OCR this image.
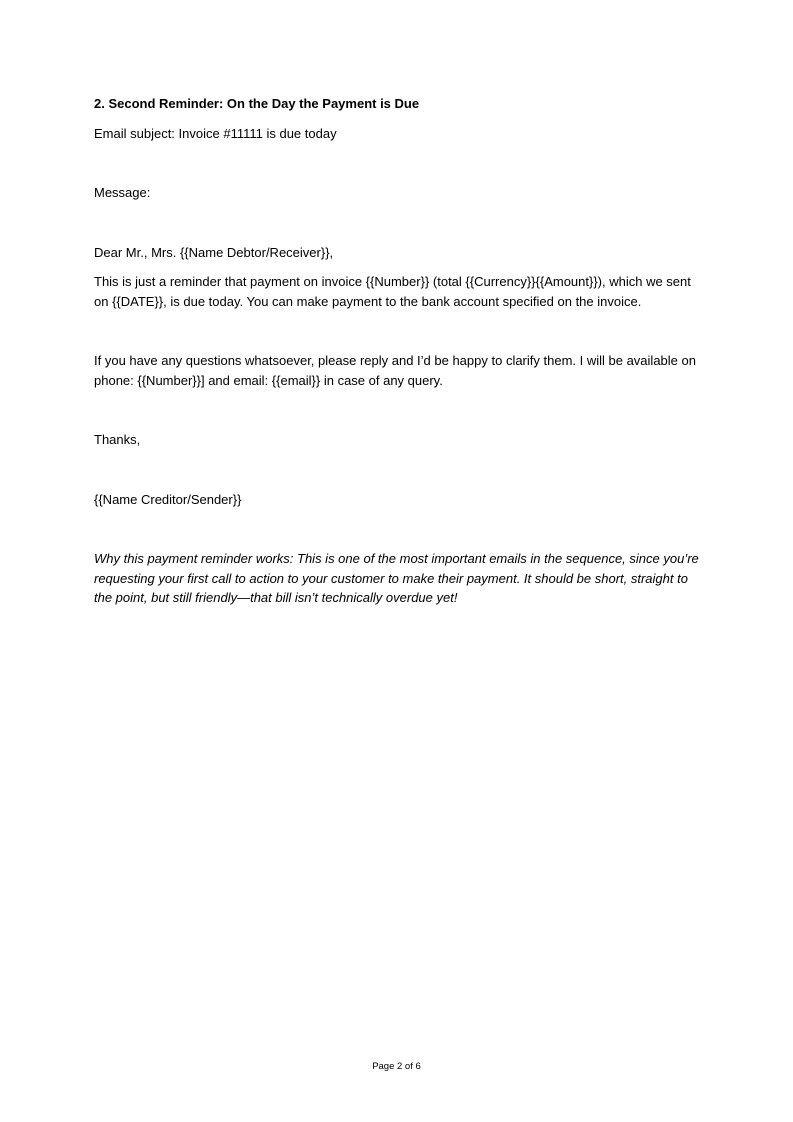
2. Second Reminder: On the Day the Payment is Due

Email subject: Invoice #11111 is due today

Message:

Dear Mr., Mrs. {{Name Debtor/Receiver}},

This is just a reminder that payment on invoice {{Number}} (total {{Currency}}{{Amount}}), which we sent on {{DATE}}, is due today. You can make payment to the bank account specified on the invoice.

If you have any questions whatsoever, please reply and I’d be happy to clarify them. I will be available on phone: {{Number}}] and email: {{email}} in case of any query.

Thanks,

{{Name Creditor/Sender}}

Why this payment reminder works: This is one of the most important emails in the sequence, since you’re requesting your first call to action to your customer to make their payment. It should be short, straight to the point, but still friendly—that bill isn’t technically overdue yet!

Page 2 of 6
